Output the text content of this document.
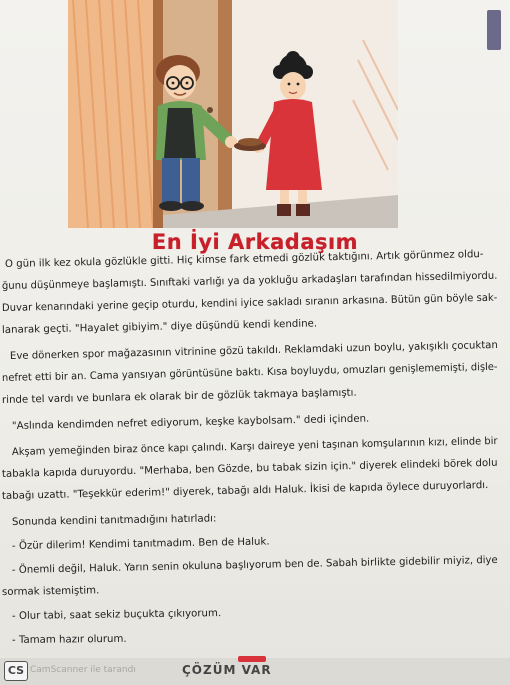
En İyi Arkadaşım
O gün ilk kez okula gözlükle gitti. Hiç kimse fark etmedi gözlük taktığını. Artık görünmez oldu-
ğunu düşünmeye başlamıştı. Sınıftaki varlığı ya da yokluğu arkadaşları tarafından hissedilmiyordu.
Duvar kenarındaki yerine geçip oturdu, kendini iyice sakladı sıranın arkasına. Bütün gün böyle sak-
lanarak geçti. "Hayalet gibiyim." diye düşündü kendi kendine.
Eve dönerken spor mağazasının vitrinine gözü takıldı. Reklamdaki uzun boylu, yakışıklı çocuktan
nefret etti bir an. Cama yansıyan görüntüsüne baktı. Kısa boyluydu, omuzları genişlememişti, dişle-
rinde tel vardı ve bunlara ek olarak bir de gözlük takmaya başlamıştı.
"Aslında kendimden nefret ediyorum, keşke kaybolsam." dedi içinden.
Akşam yemeğinden biraz önce kapı çalındı. Karşı daireye yeni taşınan komşularının kızı, elinde bir
tabakla kapıda duruyordu. "Merhaba, ben Gözde, bu tabak sizin için." diyerek elindeki börek dolu
tabağı uzattı. "Teşekkür ederim!" diyerek, tabağı aldı Haluk. İkisi de kapıda öylece duruyorlardı.
Sonunda kendini tanıtmadığını hatırladı:
- Özür dilerim! Kendimi tanıtmadım. Ben de Haluk.
- Önemli değil, Haluk. Yarın senin okuluna başlıyorum ben de. Sabah birlikte gidebilir miyiz, diye
sormak istemiştim.
- Olur tabi, saat sekiz buçukta çıkıyorum.
- Tamam hazır olurum.
CS CamScanner ile tarandı	ÇÖZÜM VAR
